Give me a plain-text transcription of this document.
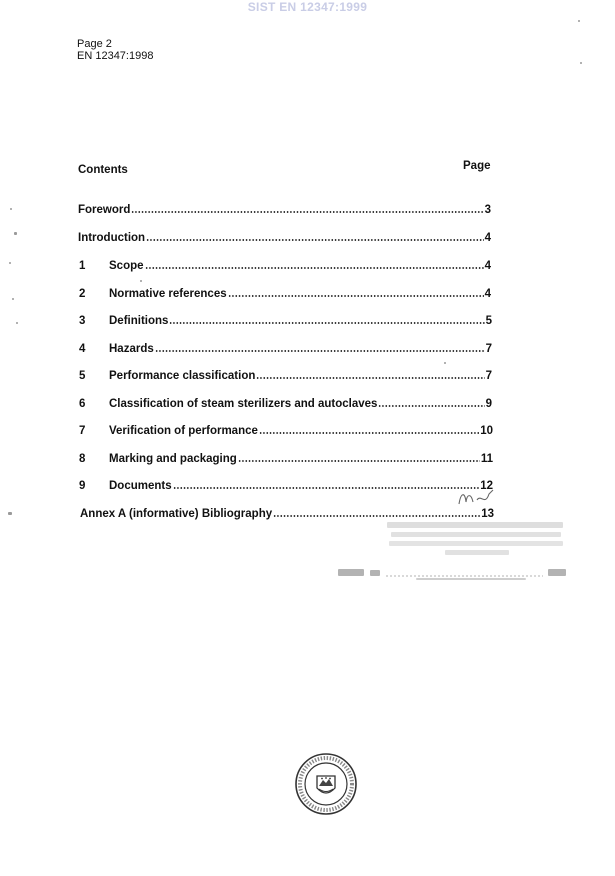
SIST EN 12347:1999
Page 2
EN 12347:1998
Contents	Page
Foreword	3
Introduction	4
1	Scope	4
2	Normative references	4
3	Definitions	5
4	Hazards	7
5	Performance classification	7
6	Classification of steam sterilizers and autoclaves	9
7	Verification of performance	10
8	Marking and packaging	11
9	Documents	12
Annex A (informative) Bibliography	13
